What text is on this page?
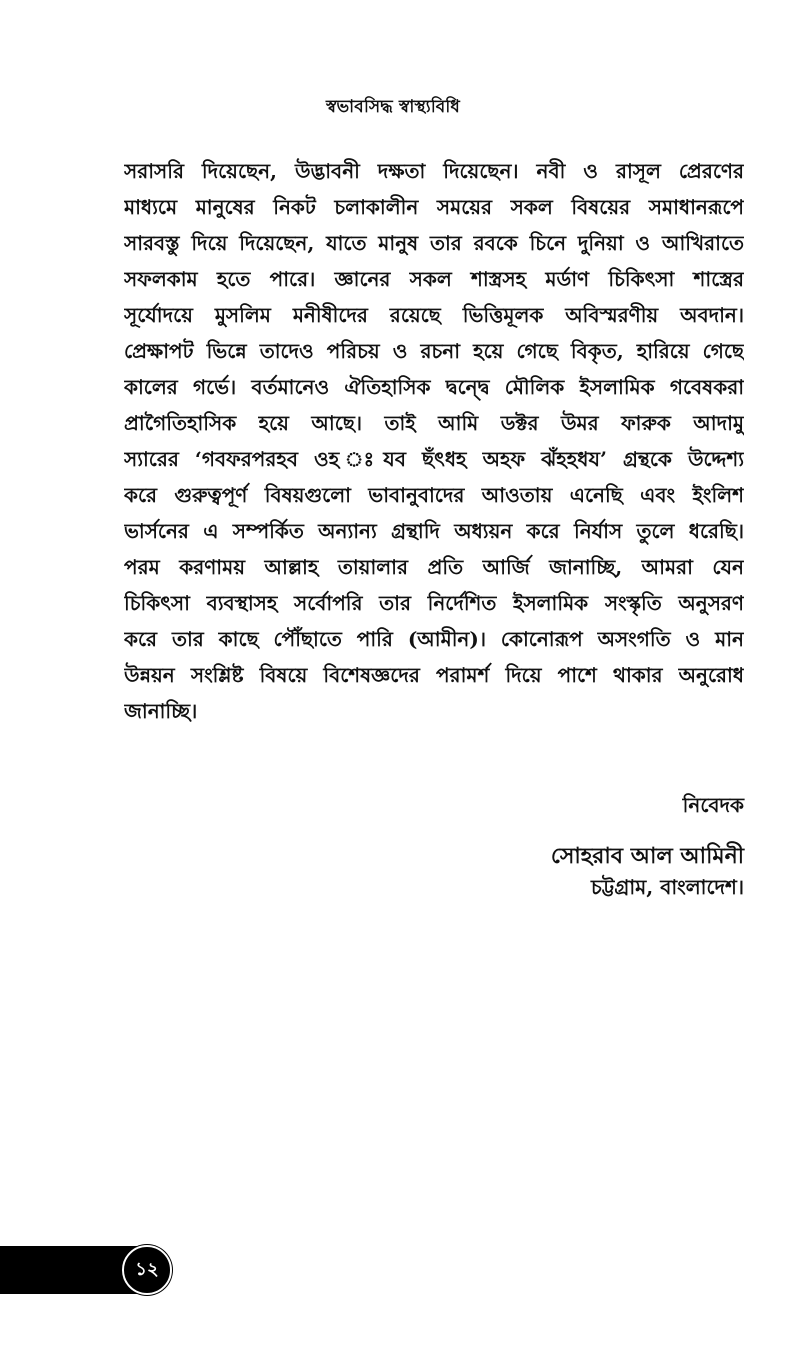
স্বভাবসিদ্ধ স্বাস্থ্যবিধি
সরাসরি দিয়েছেন, উদ্ভাবনী দক্ষতা দিয়েছেন। নবী ও রাসূল প্রেরণের
মাধ্যমে মানুষের নিকট চলাকালীন সময়ের সকল বিষয়ের সমাধানরূপে
সারবস্তু দিয়ে দিয়েছেন, যাতে মানুষ তার রবকে চিনে দুনিয়া ও আখিরাতে
সফলকাম হতে পারে। জ্ঞানের সকল শাস্ত্রসহ মর্ডাণ চিকিৎসা শাস্ত্রের
সূর্যোদয়ে মুসলিম মনীষীদের রয়েছে ভিত্তিমূলক অবিস্মরণীয় অবদান।
প্রেক্ষাপট ভিন্নে তাদেও পরিচয় ও রচনা হয়ে গেছে বিকৃত, হারিয়ে গেছে
কালের গর্ভে। বর্তমানেও ঐতিহাসিক দ্বন্দ্বে মৌলিক ইসলামিক গবেষকরা
প্রাগৈতিহাসিক হয়ে আছে। তাই আমি ডক্টর উমর ফারুক আদামু
স্যারের ‘গবফরপরহব ওহ ঃযব ছঁৎধহ অহফ ঝঁহহধয’ গ্রন্থকে উদ্দেশ্য
করে গুরুত্বপূর্ণ বিষয়গুলো ভাবানুবাদের আওতায় এনেছি এবং ইংলিশ
ভার্সনের এ সম্পর্কিত অন্যান্য গ্রন্থাদি অধ্যয়ন করে নির্যাস তুলে ধরেছি।
পরম করণাময় আল্লাহ তায়ালার প্রতি আর্জি জানাচ্ছি, আমরা যেন
চিকিৎসা ব্যবস্থাসহ সর্বোপরি তার নির্দেশিত ইসলামিক সংস্কৃতি অনুসরণ
করে তার কাছে পৌঁছাতে পারি (আমীন)। কোনোরূপ অসংগতি ও মান
উন্নয়ন সংশ্লিষ্ট বিষয়ে বিশেষজ্ঞদের পরামর্শ দিয়ে পাশে থাকার অনুরোধ
জানাচ্ছি।
নিবেদক
সোহরাব আল আমিনী
চট্টগ্রাম, বাংলাদেশ।
১২
